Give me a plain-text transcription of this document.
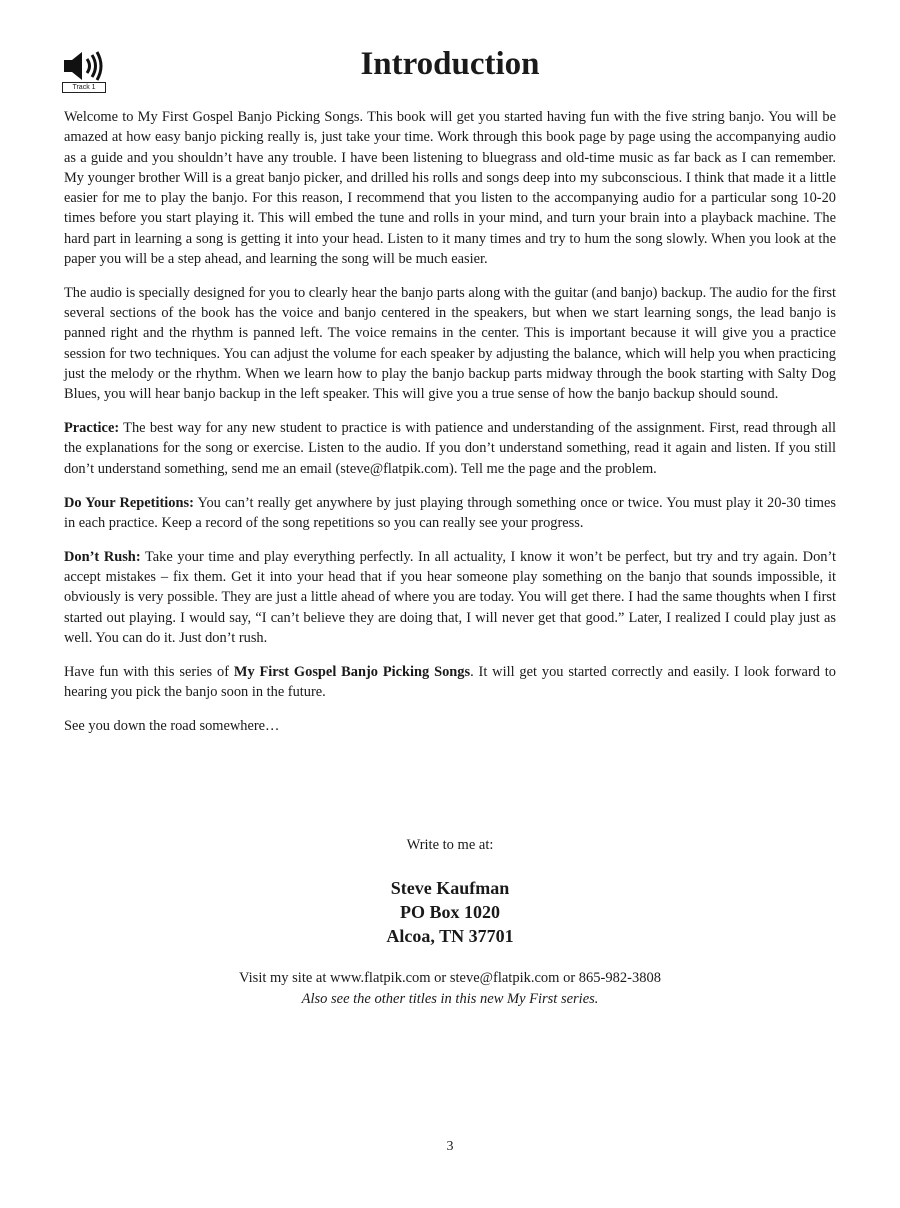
Track 1
Introduction

Welcome to My First Gospel Banjo Picking Songs. This book will get you started having fun with the five string banjo. You will be amazed at how easy banjo picking really is, just take your time. Work through this book page by page using the accompanying audio as a guide and you shouldn’t have any trouble. I have been listening to bluegrass and old-time music as far back as I can remember. My younger brother Will is a great banjo picker, and drilled his rolls and songs deep into my subconscious. I think that made it a little easier for me to play the banjo. For this reason, I recommend that you listen to the accompanying audio for a particular song 10-20 times before you start playing it. This will embed the tune and rolls in your mind, and turn your brain into a playback machine. The hard part in learning a song is getting it into your head. Listen to it many times and try to hum the song slowly. When you look at the paper you will be a step ahead, and learning the song will be much easier.

The audio is specially designed for you to clearly hear the banjo parts along with the guitar (and banjo) backup. The audio for the first several sections of the book has the voice and banjo centered in the speakers, but when we start learning songs, the lead banjo is panned right and the rhythm is panned left. The voice remains in the center. This is important because it will give you a practice session for two techniques. You can adjust the volume for each speaker by adjusting the balance, which will help you when practicing just the melody or the rhythm. When we learn how to play the banjo backup parts midway through the book starting with Salty Dog Blues, you will hear banjo backup in the left speaker. This will give you a true sense of how the banjo backup should sound.

Practice: The best way for any new student to practice is with patience and understanding of the assignment. First, read through all the explanations for the song or exercise. Listen to the audio. If you don’t understand something, read it again and listen. If you still don’t understand something, send me an email (steve@flatpik.com). Tell me the page and the problem.

Do Your Repetitions: You can’t really get anywhere by just playing through something once or twice. You must play it 20-30 times in each practice. Keep a record of the song repetitions so you can really see your progress.

Don’t Rush: Take your time and play everything perfectly. In all actuality, I know it won’t be perfect, but try and try again. Don’t accept mistakes – fix them. Get it into your head that if you hear someone play something on the banjo that sounds impossible, it obviously is very possible. They are just a little ahead of where you are today. You will get there. I had the same thoughts when I first started out playing. I would say, “I can’t believe they are doing that, I will never get that good.” Later, I realized I could play just as well. You can do it. Just don’t rush.

Have fun with this series of My First Gospel Banjo Picking Songs. It will get you started correctly and easily. I look forward to hearing you pick the banjo soon in the future.

See you down the road somewhere…

Write to me at:
Steve Kaufman
PO Box 1020
Alcoa, TN 37701
Visit my site at www.flatpik.com or steve@flatpik.com or 865-982-3808
Also see the other titles in this new My First series.
3
